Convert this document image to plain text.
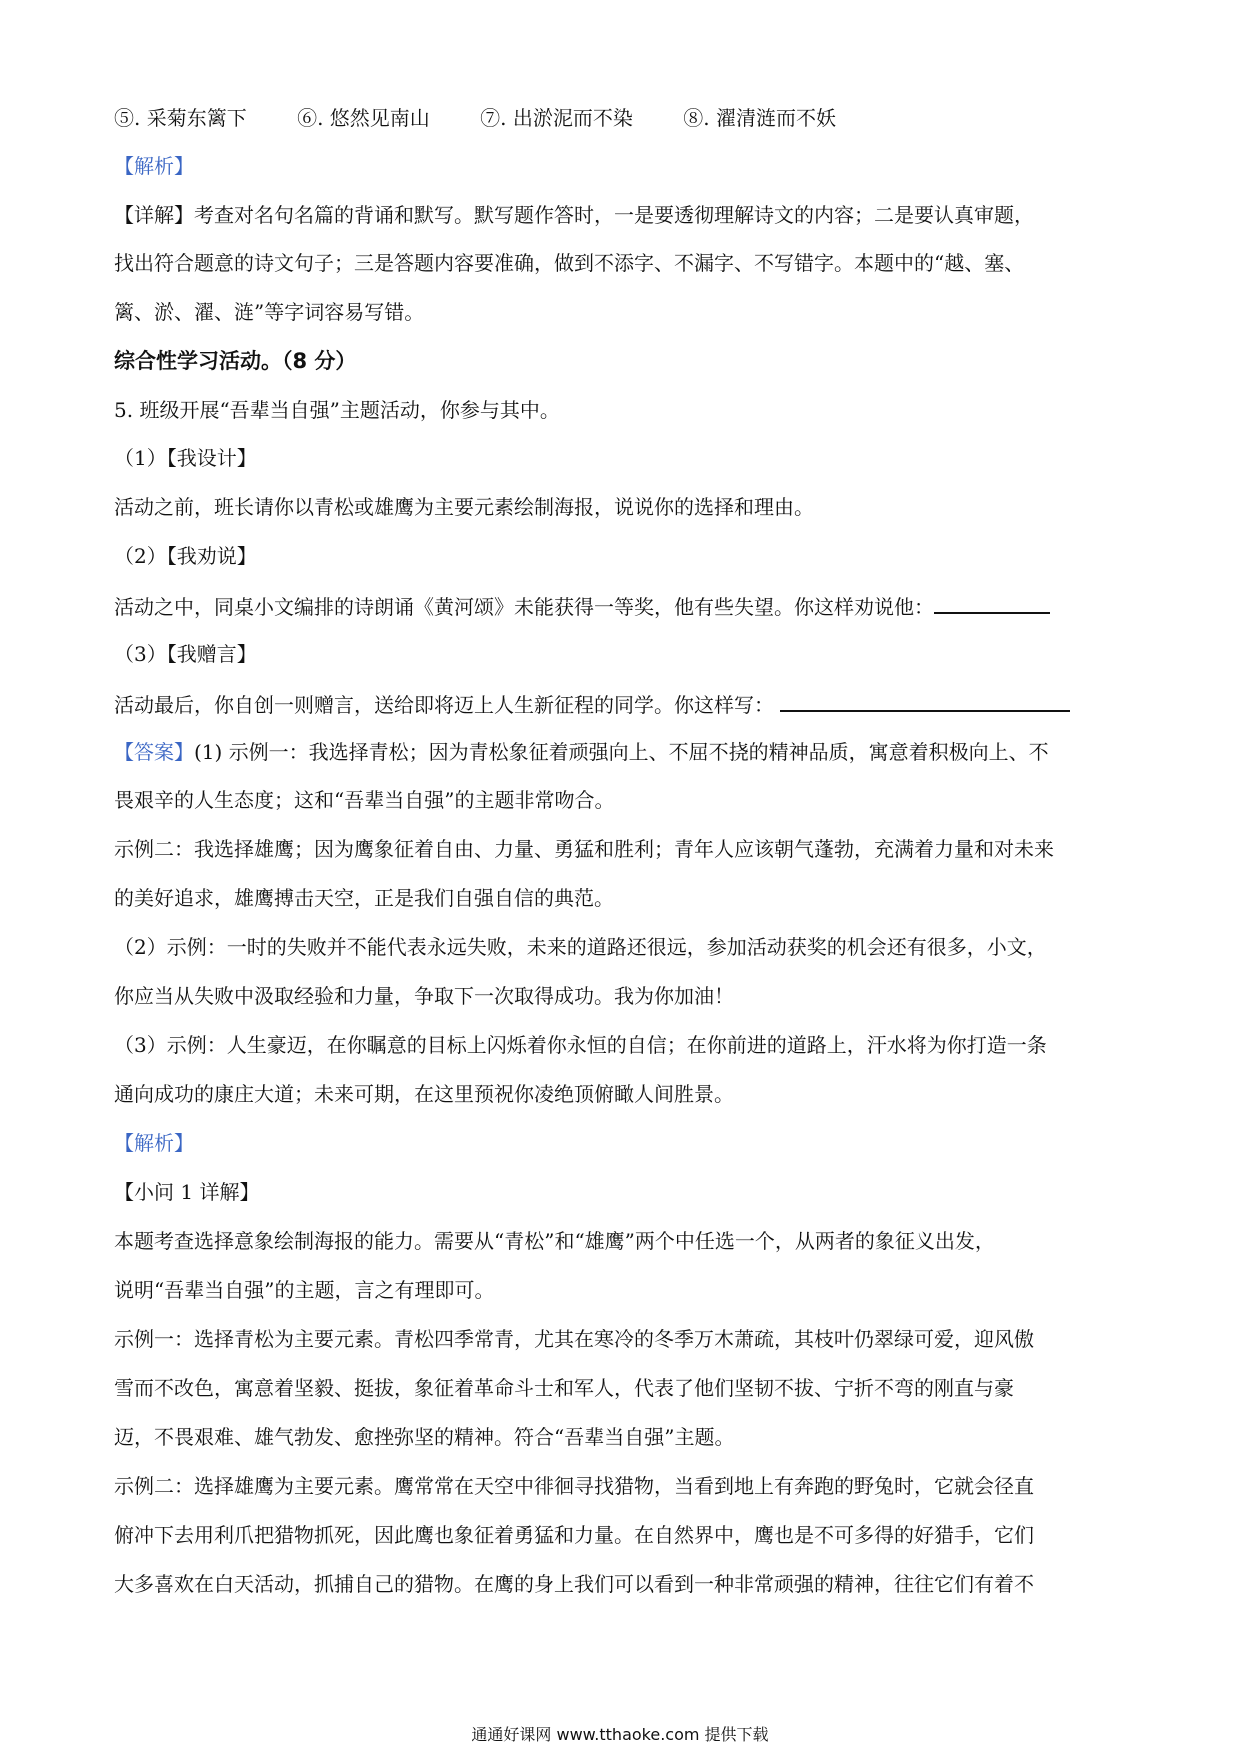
⑤. 采菊东篱下	⑥. 悠然见南山	⑦. 出淤泥而不染	⑧. 濯清涟而不妖
【解析】
【详解】考查对名句名篇的背诵和默写。默写题作答时，一是要透彻理解诗文的内容；二是要认真审题，
找出符合题意的诗文句子；三是答题内容要准确，做到不添字、不漏字、不写错字。本题中的“越、塞、
篱、淤、濯、涟”等字词容易写错。
综合性学习活动。（8 分）
5. 班级开展“吾辈当自强”主题活动，你参与其中。
（1）【我设计】
活动之前，班长请你以青松或雄鹰为主要元素绘制海报，说说你的选择和理由。
（2）【我劝说】
活动之中，同桌小文编排的诗朗诵《黄河颂》未能获得一等奖，他有些失望。你这样劝说他：
（3）【我赠言】
活动最后，你自创一则赠言，送给即将迈上人生新征程的同学。你这样写：
【答案】(1) 示例一：我选择青松；因为青松象征着顽强向上、不屈不挠的精神品质，寓意着积极向上、不
畏艰辛的人生态度；这和“吾辈当自强”的主题非常吻合。
示例二：我选择雄鹰；因为鹰象征着自由、力量、勇猛和胜利；青年人应该朝气蓬勃，充满着力量和对未来
的美好追求，雄鹰搏击天空，正是我们自强自信的典范。
（2）示例：一时的失败并不能代表永远失败，未来的道路还很远，参加活动获奖的机会还有很多，小文，
你应当从失败中汲取经验和力量，争取下一次取得成功。我为你加油！
（3）示例：人生豪迈，在你瞩意的目标上闪烁着你永恒的自信；在你前进的道路上，汗水将为你打造一条
通向成功的康庄大道；未来可期，在这里预祝你凌绝顶俯瞰人间胜景。
【解析】
【小问 1 详解】
本题考查选择意象绘制海报的能力。需要从“青松”和“雄鹰”两个中任选一个，从两者的象征义出发，
说明“吾辈当自强”的主题，言之有理即可。
示例一：选择青松为主要元素。青松四季常青，尤其在寒冷的冬季万木萧疏，其枝叶仍翠绿可爱，迎风傲
雪而不改色，寓意着坚毅、挺拔，象征着革命斗士和军人，代表了他们坚韧不拔、宁折不弯的刚直与豪
迈，不畏艰难、雄气勃发、愈挫弥坚的精神。符合“吾辈当自强”主题。
示例二：选择雄鹰为主要元素。鹰常常在天空中徘徊寻找猎物，当看到地上有奔跑的野兔时，它就会径直
俯冲下去用利爪把猎物抓死，因此鹰也象征着勇猛和力量。在自然界中，鹰也是不可多得的好猎手，它们
大多喜欢在白天活动，抓捕自己的猎物。在鹰的身上我们可以看到一种非常顽强的精神，往往它们有着不
通通好课网 www.tthaoke.com 提供下载
